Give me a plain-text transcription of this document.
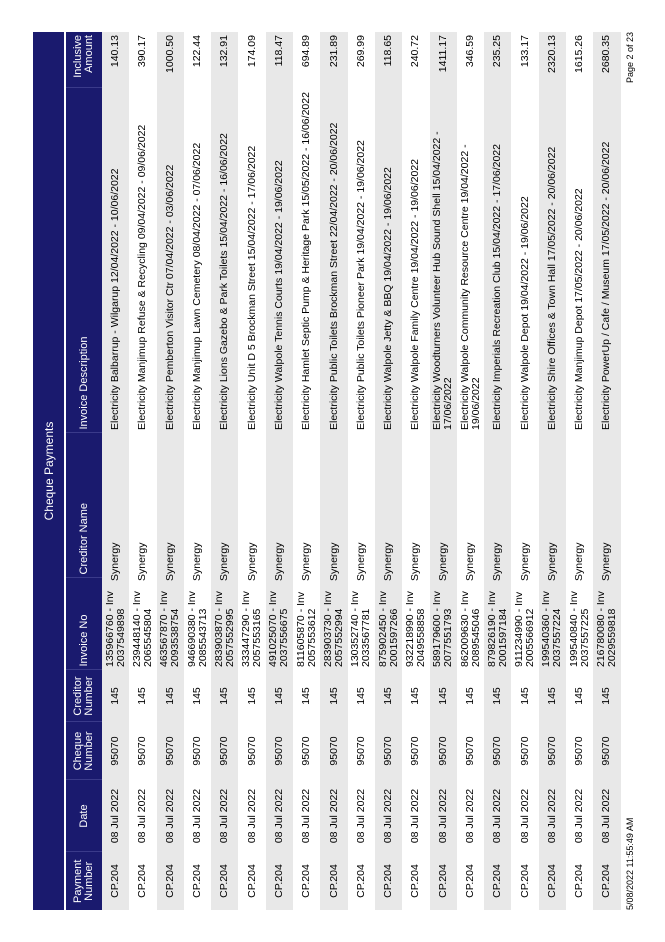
Cheque Payments
Payment Number	Date	Cheque Number	Creditor Number	Invoice No	Creditor Name	Invoice Description	Inclusive Amount
CP.204	08 Jul 2022	95070	145	135966760 - Inv
2037549898
Synergy		Electricity Balbarrup - Wilgarup 12/04/2022 - 10/06/2022	140.13
CP.204	08 Jul 2022	95070	145	239448140 - Inv
2065545804
Synergy		Electricity Manjimup Refuse & Recycling 09/04/2022 - 09/06/2022	390.17
CP.204	08 Jul 2022	95070	145	463567870 - Inv
2093538754
Synergy		Electricity Pemberton Visitor Ctr 07/04/2022 - 03/06/2022	1000.50
CP.204	08 Jul 2022	95070	145	946690380 - Inv
2085543713
Synergy		Electricity Manjimup Lawn Cemetery 08/04/2022 - 07/06/2022	122.44
CP.204	08 Jul 2022	95070	145	283903870 - Inv
2057552995
Synergy		Electricity Lions Gazebo & Park Toilets 15/04/2022 - 16/06/2022	132.91
CP.204	08 Jul 2022	95070	145	333447290 - Inv
2057553165
Synergy		Electricity Unit D 5 Brockman Street 15/04/2022 - 17/06/2022	174.09
CP.204	08 Jul 2022	95070	145	491025070 - Inv
2037556675
Synergy		Electricity Walpole Tennis Courts 19/04/2022 - 19/06/2022	118.47
CP.204	08 Jul 2022	95070	145	811605870 - Inv
2057553612
Synergy		Electricity Hamlet Septic Pump & Heritage Park 15/05/2022 - 16/06/2022	694.89
CP.204	08 Jul 2022	95070	145	283903730 - Inv
2057552994
Synergy		Electricity Public Toilets Brockman Street 22/04/2022 - 20/06/2022	231.89
CP.204	08 Jul 2022	95070	145	130352740 - Inv
2033567781
Synergy		Electricity Public Toilets Pioneer Park 19/04/2022 - 19/06/2022	269.99
CP.204	08 Jul 2022	95070	145	875902450 - Inv
2001597266
Synergy		Electricity Walpole Jetty & BBQ 19/04/2022 - 19/06/2022	118.65
CP.204	08 Jul 2022	95070	145	932218990 - Inv
2049558858
Synergy		Electricity Walpole Family Centre 19/04/2022 - 19/06/2022	240.72
CP.204	08 Jul 2022	95070	145	589179600 - Inv
2077551793
Synergy		Electricity Woodturners Volunteer Hub Sound Shell 15/04/2022 - 17/06/2022	1411.17
CP.204	08 Jul 2022	95070	145	862009630 - Inv
2089545046
Synergy		Electricity Walpole Community Resource Centre 19/04/2022 - 19/06/2022	346.59
CP.204	08 Jul 2022	95070	145	879826190 - Inv
2001597184
Synergy		Electricity Imperials Recreation Club 15/04/2022 - 17/06/2022	235.25
CP.204	08 Jul 2022	95070	145	911234990 - Inv
2005566912
Synergy		Electricity Walpole Depot 19/04/2022 - 19/06/2022	133.17
CP.204	08 Jul 2022	95070	145	199540360 - Inv
2037557224
Synergy		Electricity Shire Offices & Town Hall 17/05/2022 - 20/06/2022	2320.13
CP.204	08 Jul 2022	95070	145	199540840 - Inv
2037557225
Synergy		Electricity Manjimup Depot 17/05/2022 - 20/06/2022	1615.26
CP.204	08 Jul 2022	95070	145	216780080 - Inv
2029559818
Synergy		Electricity PowerUp / Cafe / Museum 17/05/2022 - 20/06/2022	2680.35
5/08/2022 11:55:49 AM
Page 2 of 23
